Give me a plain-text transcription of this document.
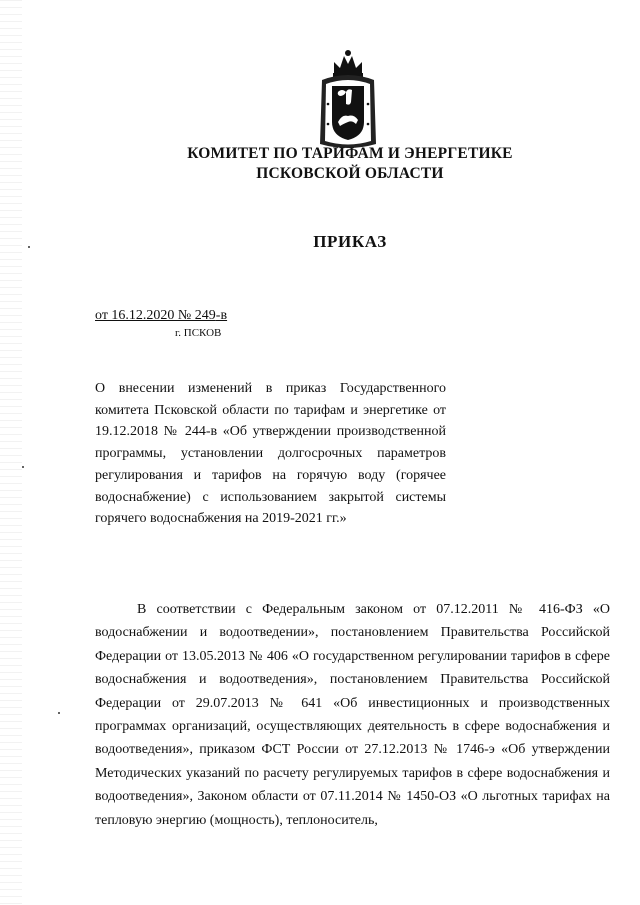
КОМИТЕТ ПО ТАРИФАМ И ЭНЕРГЕТИКЕ
ПСКОВСКОЙ ОБЛАСТИ
ПРИКАЗ
от 16.12.2020 № 249-в
г. ПСКОВ
О внесении изменений в приказ Государственного комитета Псковской области по тарифам и энергетике от 19.12.2018 № 244-в «Об утверждении производственной программы, установлении долгосрочных параметров регулирования и тарифов на горячую воду (горячее водоснабжение) с использованием закрытой системы горячего водоснабжения на 2019-2021 гг.»
В соответствии с Федеральным законом от 07.12.2011 № 416-ФЗ «О водоснабжении и водоотведении», постановлением Правительства Российской Федерации от 13.05.2013 № 406 «О государственном регулировании тарифов в сфере водоснабжения и водоотведения», постановлением Правительства Российской Федерации от 29.07.2013 № 641 «Об инвестиционных и производственных программах организаций, осуществляющих деятельность в сфере водоснабжения и водоотведения», приказом ФСТ России от 27.12.2013 № 1746-э «Об утверждении Методических указаний по расчету регулируемых тарифов в сфере водоснабжения и водоотведения», Законом области от 07.11.2014 № 1450-ОЗ «О льготных тарифах на тепловую энергию (мощность), теплоноситель,
